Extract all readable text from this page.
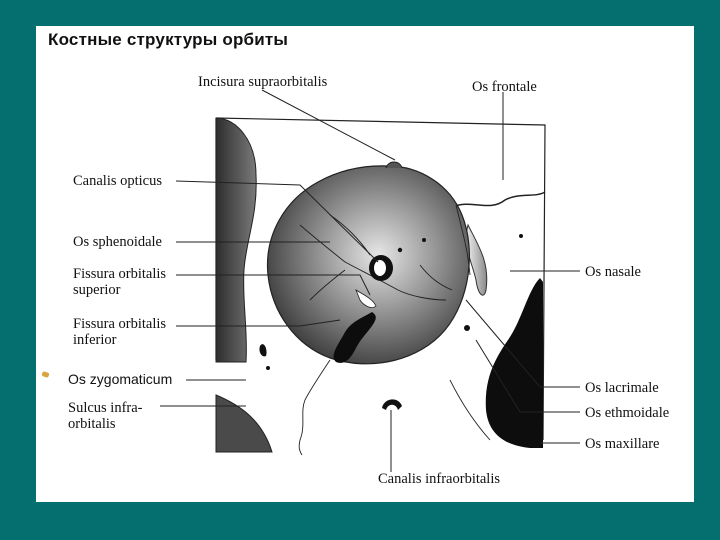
Костные структуры орбиты
Incisura supraorbitalis	Os frontale
Canalis opticus
Os sphenoidale
Fissura orbitalis
superior
Fissura orbitalis
inferior
Os zygomaticum
Sulcus infra-
orbitalis
Os nasale
Os lacrimale
Os ethmoidale
Os maxillare
Canalis infraorbitalis
